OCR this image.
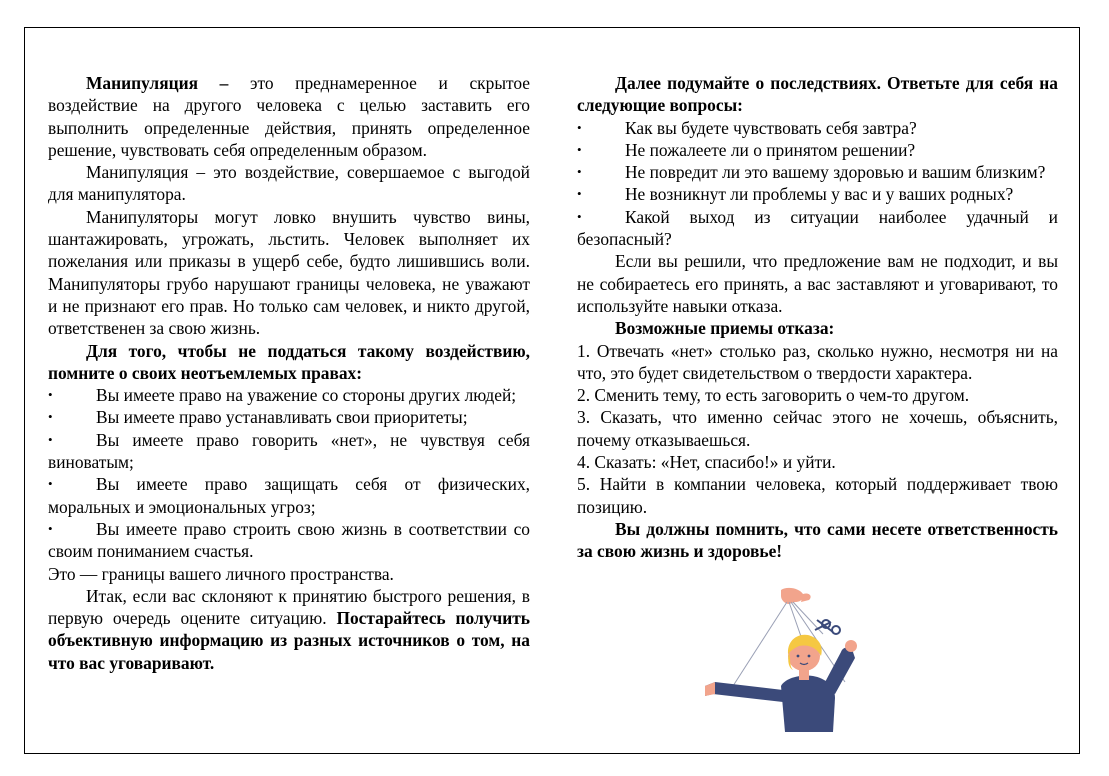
Манипуляция – это преднамеренное и скрытое воздействие на другого человека с целью заставить его выполнить определенные действия, принять определенное решение, чувствовать себя определенным образом.

Манипуляция – это воздействие, совершаемое с выгодой для манипулятора.

Манипуляторы могут ловко внушить чувство вины, шантажировать, угрожать, льстить. Человек выполняет их пожелания или приказы в ущерб себе, будто лишившись воли. Манипуляторы грубо нарушают границы человека, не уважают и не признают его прав. Но только сам человек, и никто другой, ответственен за свою жизнь.

Для того, чтобы не поддаться такому воздействию, помните о своих неотъемлемых правах:

• Вы имеете право на уважение со стороны других людей;

• Вы имеете право устанавливать свои приоритеты;

• Вы имеете право говорить «нет», не чувствуя себя виноватым;

• Вы имеете право защищать себя от физических, моральных и эмоциональных угроз;

• Вы имеете право строить свою жизнь в соответствии со своим пониманием счастья.

Это — границы вашего личного пространства.

Итак, если вас склоняют к принятию быстрого решения, в первую очередь оцените ситуацию. Постарайтесь получить объективную информацию из разных источников о том, на что вас уговаривают.

Далее подумайте о последствиях. Ответьте для себя на следующие вопросы:

• Как вы будете чувствовать себя завтра?

• Не пожалеете ли о принятом решении?

• Не повредит ли это вашему здоровью и вашим близким?

• Не возникнут ли проблемы у вас и у ваших родных?

• Какой выход из ситуации наиболее удачный и безопасный?

Если вы решили, что предложение вам не подходит, и вы не собираетесь его принять, а вас заставляют и уговаривают, то используйте навыки отказа.

Возможные приемы отказа:

1. Отвечать «нет» столько раз, сколько нужно, несмотря ни на что, это будет свидетельством о твердости характера.

2. Сменить тему, то есть заговорить о чем-то другом.

3. Сказать, что именно сейчас этого не хочешь, объяснить, почему отказываешься.

4. Сказать: «Нет, спасибо!» и уйти.

5. Найти в компании человека, который поддерживает твою позицию.

Вы должны помнить, что сами несете ответственность за свою жизнь и здоровье!
